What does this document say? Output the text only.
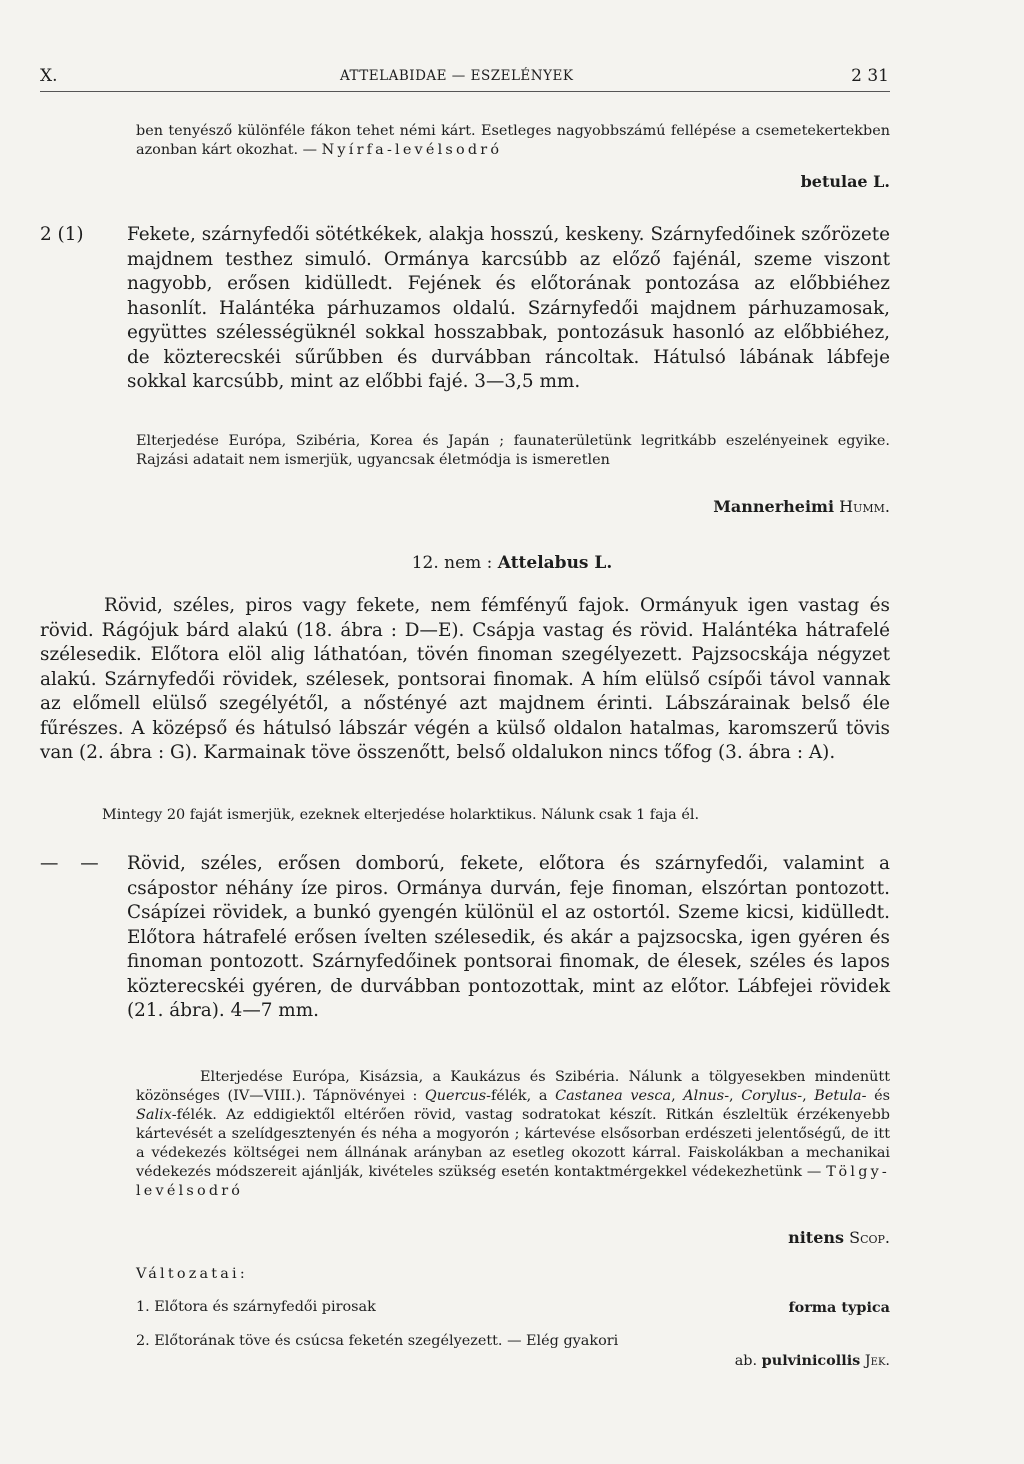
X.	ATTELABIDAE — ESZELÉNYEK	2 31

ben tenyésző különféle fákon tehet némi kárt. Esetleges nagyobbszámú fellépése a csemetekertekben azonban kárt okozhat. — Nyírfa-levélsodró

betulae L.
2 (1) Fekete, szárnyfedői sötétkékek, alakja hosszú, keskeny. Szárnyfedőinek szőrözete majdnem testhez simuló. Ormánya karcsúbb az előző fajénál, szeme viszont nagyobb, erősen kidülledt. Fejének és előtorának pontozása az előbbiéhez hasonlít. Halántéka párhuzamos oldalú. Szárnyfedői majdnem párhuzamosak, együttes szélességüknél sokkal hosszabbak, pontozásuk hasonló az előbbiéhez, de közterecskéi sűrűbben és durvábban ráncoltak. Hátulsó lábának lábfeje sokkal karcsúbb, mint az előbbi fajé. 3—3,5 mm.
Elterjedése Európa, Szibéria, Korea és Japán ; faunaterületünk legritkább eszelényeinek egyike. Rajzási adatait nem ismerjük, ugyancsak életmódja is ismeretlen
Mannerheimi Humm.
12. nem : Attelabus L.
Rövid, széles, piros vagy fekete, nem fémfényű fajok. Ormányuk igen vastag és rövid. Rágójuk bárd alakú (18. ábra : D—E). Csápja vastag és rövid. Halántéka hátrafelé szélesedik. Előtora elöl alig láthatóan, tövén finoman szegélyezett. Pajzsocskája négyzet alakú. Szárnyfedői rövidek, szélesek, pontsorai finomak. A hím elülső csípői távol vannak az előmell elülső szegélyétől, a nőstényé azt majdnem érinti. Lábszárainak belső éle fűrészes. A középső és hátulsó lábszár végén a külső oldalon hatalmas, karomszerű tövis van (2. ábra : G). Karmainak töve összenőtt, belső oldalukon nincs tőfog (3. ábra : A).
Mintegy 20 faját ismerjük, ezeknek elterjedése holarktikus. Nálunk csak 1 faja él.
— — Rövid, széles, erősen domború, fekete, előtora és szárnyfedői, valamint a csápostor néhány íze piros. Ormánya durván, feje finoman, elszórtan pontozott. Csápízei rövidek, a bunkó gyengén különül el az ostortól. Szeme kicsi, kidülledt. Előtora hátrafelé erősen ívelten szélesedik, és akár a pajzsocska, igen gyéren és finoman pontozott. Szárnyfedőinek pontsorai finomak, de élesek, széles és lapos közterecskéi gyéren, de durvábban pontozottak, mint az előtor. Lábfejei rövidek (21. ábra). 4—7 mm.
Elterjedése Európa, Kisázsia, a Kaukázus és Szibéria. Nálunk a tölgyesekben mindenütt közönséges (IV—VIII.). Tápnövényei : Quercus-félék, a Castanea vesca, Alnus-, Corylus-, Betula- és Salix-félék. Az eddigiektől eltérően rövid, vastag sodratokat készít. Ritkán észleltük érzékenyebb kártevését a szelídgesztenyén és néha a mogyorón ; kártevése elsősorban erdészeti jelentőségű, de itt a védekezés költségei nem állnának arányban az esetleg okozott kárral. Faiskolákban a mechanikai védekezés módszereit ajánlják, kivételes szükség esetén kontaktmérgekkel védekezhetünk — Tölgy-levélsodró
nitens Scop.
Változatai:
1. Előtora és szárnyfedői pirosak	forma typica
2. Előtorának töve és csúcsa feketén szegélyezett. — Elég gyakori
ab. pulvinicollis Jek.
